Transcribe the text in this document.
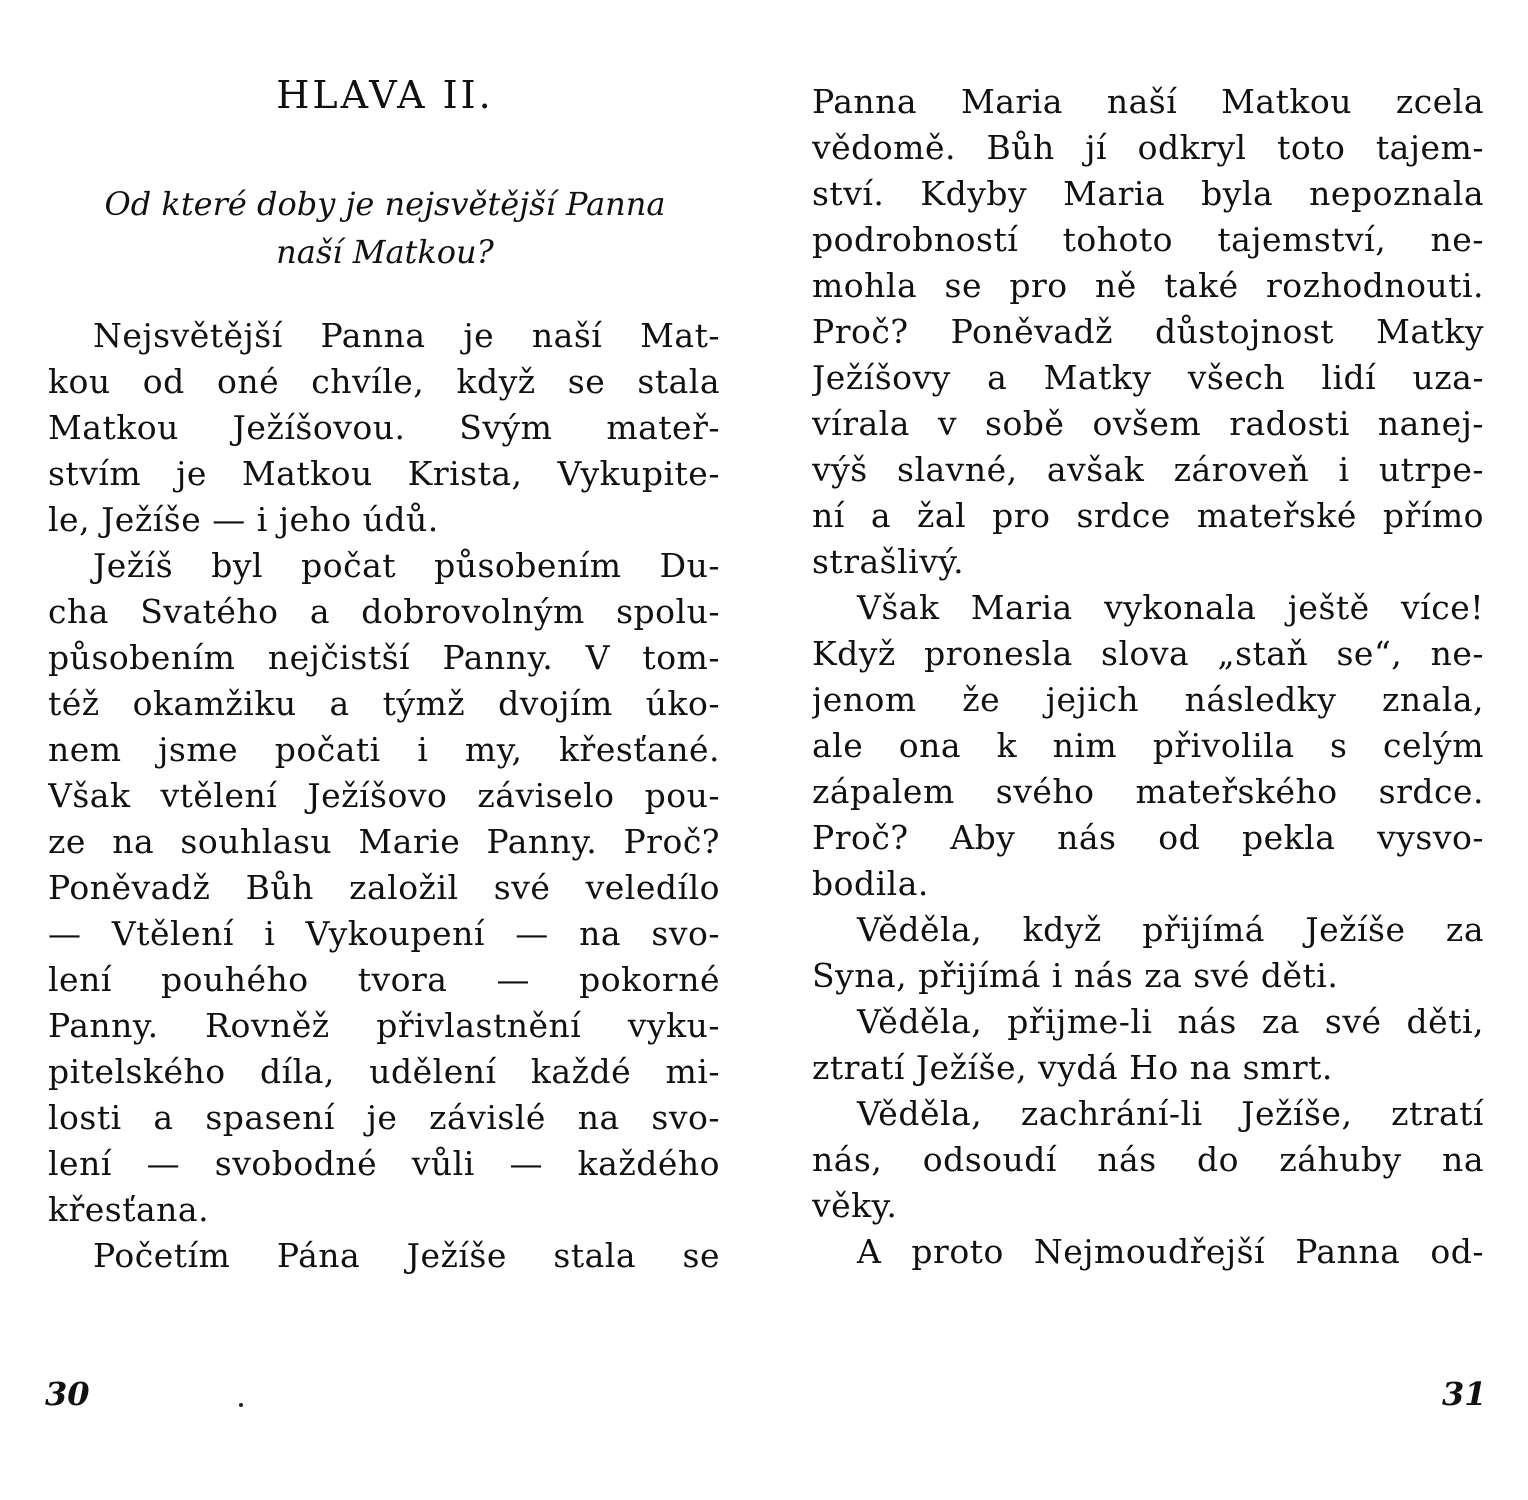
HLAVA II.
Od které doby je nejsvětější Panna
naší Matkou?
Nejsvětější Panna je naší Mat-
kou od oné chvíle, když se stala
Matkou Ježíšovou. Svým mateř-
stvím je Matkou Krista, Vykupite-
le, Ježíše — i jeho údů.
Ježíš byl počat působením Du-
cha Svatého a dobrovolným spolu-
působením nejčistší Panny. V tom-
též okamžiku a týmž dvojím úko-
nem jsme počati i my, křesťané.
Však vtělení Ježíšovo záviselo pou-
ze na souhlasu Marie Panny. Proč?
Poněvadž Bůh založil své veledílo
— Vtělení i Vykoupení — na svo-
lení pouhého tvora — pokorné
Panny. Rovněž přivlastnění vyku-
pitelského díla, udělení každé mi-
losti a spasení je závislé na svo-
lení — svobodné vůli — každého
křesťana.
Početím Pána Ježíše stala se
30
Panna Maria naší Matkou zcela
vědomě. Bůh jí odkryl toto tajem-
ství. Kdyby Maria byla nepoznala
podrobností tohoto tajemství, ne-
mohla se pro ně také rozhodnouti.
Proč? Poněvadž důstojnost Matky
Ježíšovy a Matky všech lidí uza-
vírala v sobě ovšem radosti nanej-
výš slavné, avšak zároveň i utrpe-
ní a žal pro srdce mateřské přímo
strašlivý.
Však Maria vykonala ještě více!
Když pronesla slova „staň se“, ne-
jenom že jejich následky znala,
ale ona k nim přivolila s celým
zápalem svého mateřského srdce.
Proč? Aby nás od pekla vysvo-
bodila.
Věděla, když přijímá Ježíše za
Syna, přijímá i nás za své děti.
Věděla, přijme-li nás za své děti,
ztratí Ježíše, vydá Ho na smrt.
Věděla, zachrání-li Ježíše, ztratí
nás, odsoudí nás do záhuby na
věky.
A proto Nejmoudřejší Panna od-
31
